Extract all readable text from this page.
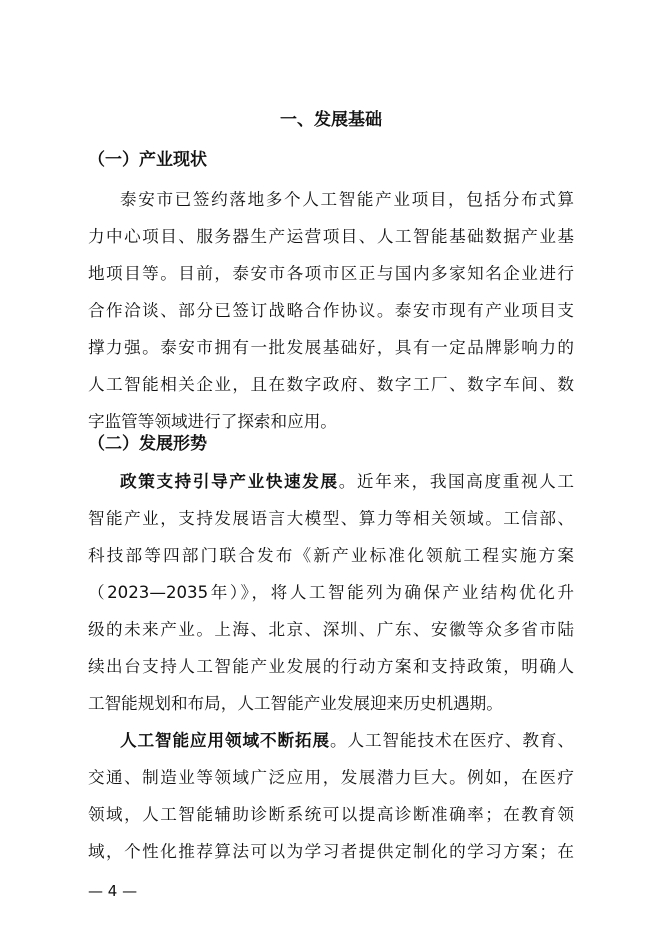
一、发展基础
（一）产业现状
泰安市已签约落地多个人工智能产业项目，包括分布式算
力中心项目、服务器生产运营项目、人工智能基础数据产业基
地项目等。目前，泰安市各项市区正与国内多家知名企业进行
合作洽谈、部分已签订战略合作协议。泰安市现有产业项目支
撑力强。泰安市拥有一批发展基础好，具有一定品牌影响力的
人工智能相关企业，且在数字政府、数字工厂、数字车间、数
字监管等领域进行了探索和应用。
（二）发展形势
政策支持引导产业快速发展。近年来，我国高度重视人工
智能产业，支持发展语言大模型、算力等相关领域。工信部、
科技部等四部门联合发布《新产业标准化领航工程实施方案
（2023—2035年）》，将人工智能列为确保产业结构优化升
级的未来产业。上海、北京、深圳、广东、安徽等众多省市陆
续出台支持人工智能产业发展的行动方案和支持政策，明确人
工智能规划和布局，人工智能产业发展迎来历史机遇期。
人工智能应用领域不断拓展。人工智能技术在医疗、教育、
交通、制造业等领域广泛应用，发展潜力巨大。例如，在医疗
领域，人工智能辅助诊断系统可以提高诊断准确率；在教育领
域，个性化推荐算法可以为学习者提供定制化的学习方案；在
— 4 —
